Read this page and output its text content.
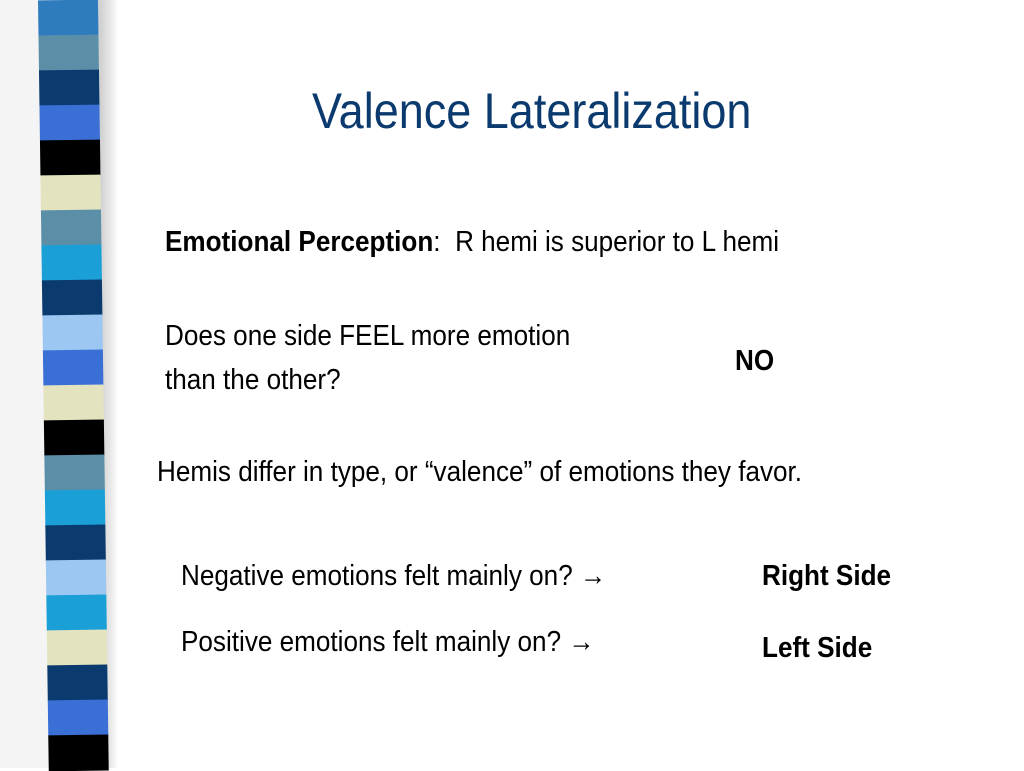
Valence Lateralization
Emotional Perception: R hemi is superior to L hemi
Does one side FEEL more emotion
than the other?
NO
Hemis differ in type, or “valence” of emotions they favor.
Negative emotions felt mainly on? →	Right Side
Positive emotions felt mainly on? →	Left Side
